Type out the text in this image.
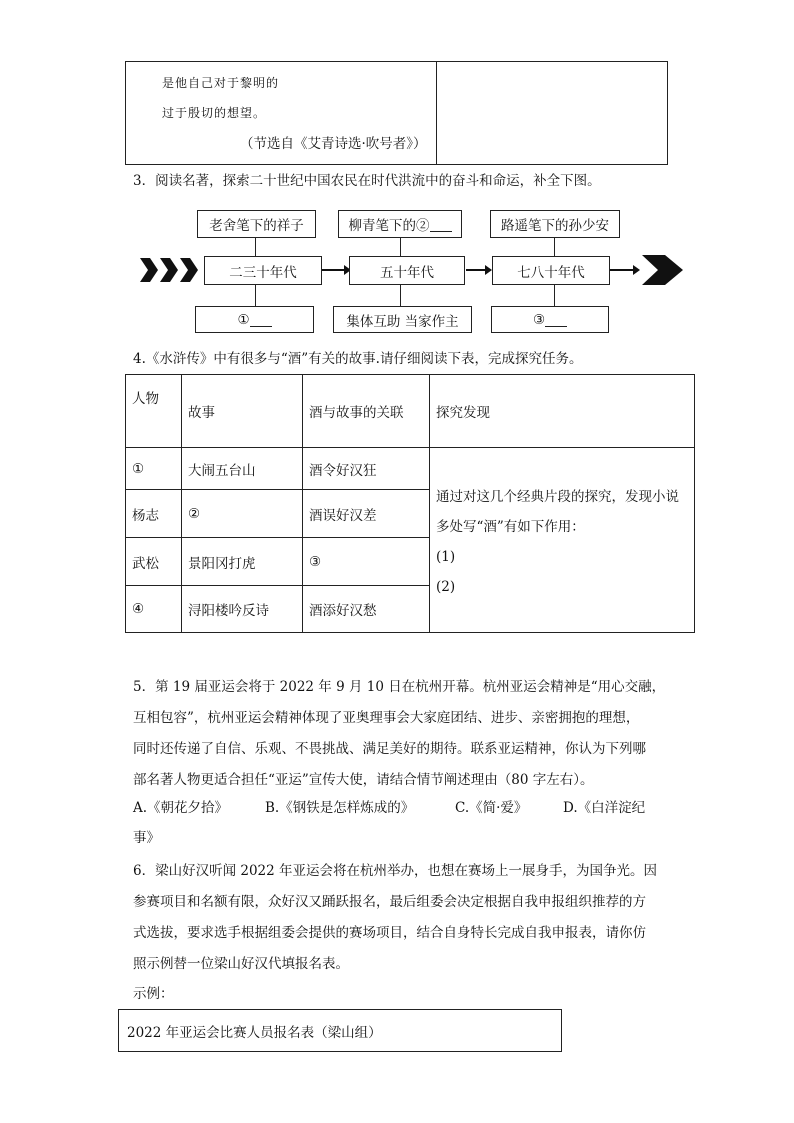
是他自己对于黎明的
过于殷切的想望。
（节选自《艾青诗选·吹号者》）
3．阅读名著，探索二十世纪中国农民在时代洪流中的奋斗和命运，补全下图。
老舍笔下的祥子	柳青笔下的②	路遥笔下的孙少安
二三十年代	五十年代	七八十年代
①	集体互助 当家作主	③
4.《水浒传》中有很多与“酒”有关的故事.请仔细阅读下表，完成探究任务。
人物	故事	酒与故事的关联	探究发现
①	大闹五台山	酒令好汉狂	通过对这几个经典片段的探究，发现小说
多处写“酒”有如下作用：
(1)
(2)

杨志	②	酒误好汉差	
武松	景阳冈打虎	③	
④	浔阳楼吟反诗	酒添好汉愁	
5．第 19 届亚运会将于 2022 年 9 月 10 日在杭州开幕。杭州亚运会精神是“用心交融，
互相包容”，杭州亚运会精神体现了亚奥理事会大家庭团结、进步、亲密拥抱的理想，
同时还传递了自信、乐观、不畏挑战、满足美好的期待。联系亚运精神，你认为下列哪
部名著人物更适合担任“亚运”宣传大使，请结合情节阐述理由（80 字左右）。
A.《朝花夕拾》	B.《钢铁是怎样炼成的》	C.《简·爱》	D.《白洋淀纪
事》
6．梁山好汉听闻 2022 年亚运会将在杭州举办，也想在赛场上一展身手，为国争光。因
参赛项目和名额有限，众好汉又踊跃报名，最后组委会决定根据自我申报组织推荐的方
式选拔，要求选手根据组委会提供的赛场项目，结合自身特长完成自我申报表，请你仿
照示例替一位梁山好汉代填报名表。
示例：
2022 年亚运会比赛人员报名表（梁山组）
